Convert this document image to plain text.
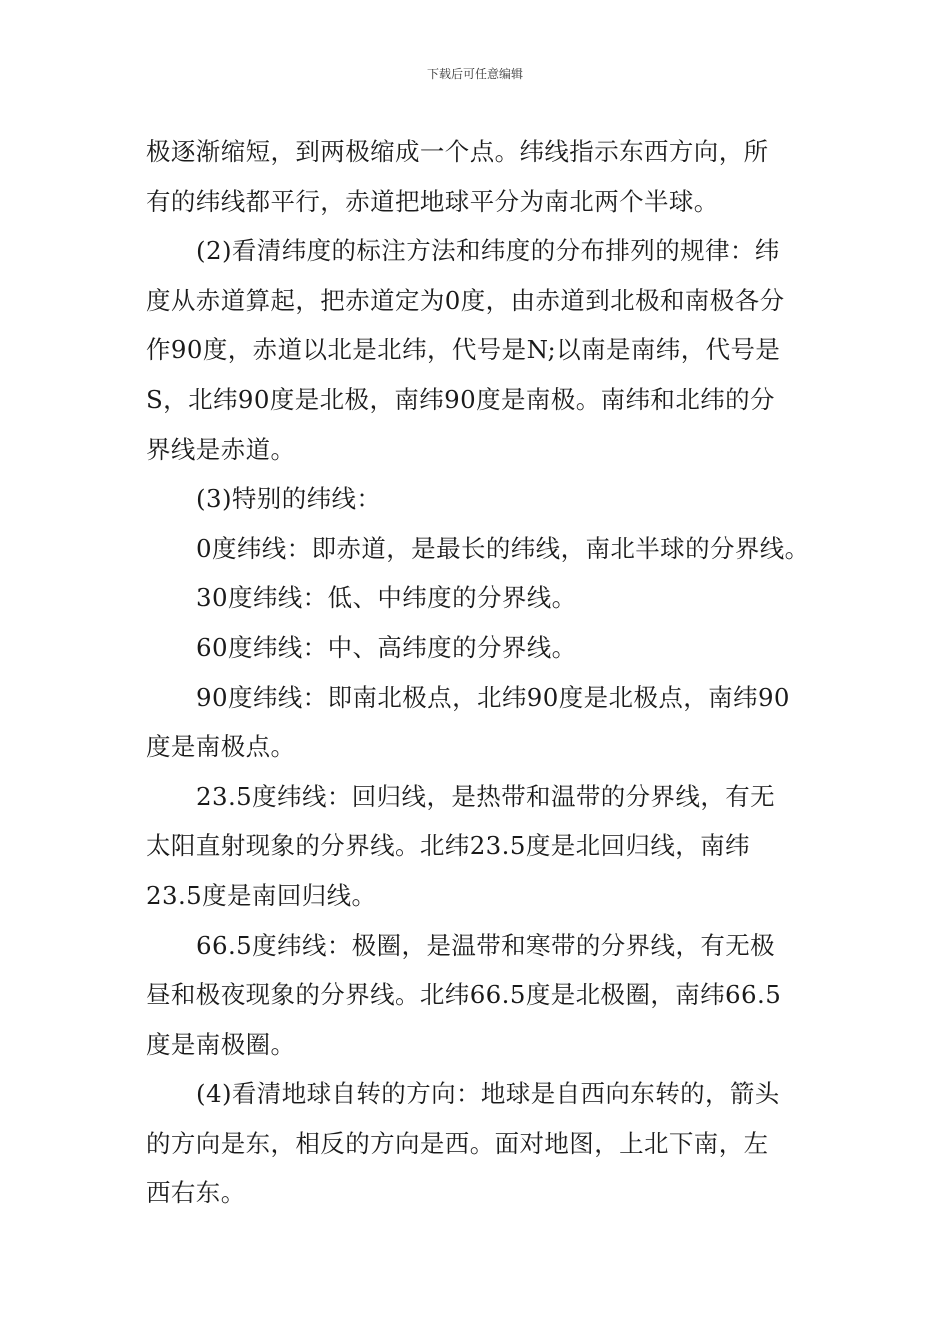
下载后可任意编辑

极逐渐缩短，到两极缩成一个点。纬线指示东西方向，所
有的纬线都平行，赤道把地球平分为南北两个半球。

(2)看清纬度的标注方法和纬度的分布排列的规律：纬
度从赤道算起，把赤道定为0度，由赤道到北极和南极各分
作90度，赤道以北是北纬，代号是N;以南是南纬，代号是
S，北纬90度是北极，南纬90度是南极。南纬和北纬的分
界线是赤道。

(3)特别的纬线：

0度纬线：即赤道，是最长的纬线，南北半球的分界线。

30度纬线：低、中纬度的分界线。

60度纬线：中、高纬度的分界线。

90度纬线：即南北极点，北纬90度是北极点，南纬90
度是南极点。

23.5度纬线：回归线，是热带和温带的分界线，有无
太阳直射现象的分界线。北纬23.5度是北回归线，南纬
23.5度是南回归线。

66.5度纬线：极圈，是温带和寒带的分界线，有无极
昼和极夜现象的分界线。北纬66.5度是北极圈，南纬66.5
度是南极圈。

(4)看清地球自转的方向：地球是自西向东转的，箭头
的方向是东，相反的方向是西。面对地图，上北下南，左
西右东。
